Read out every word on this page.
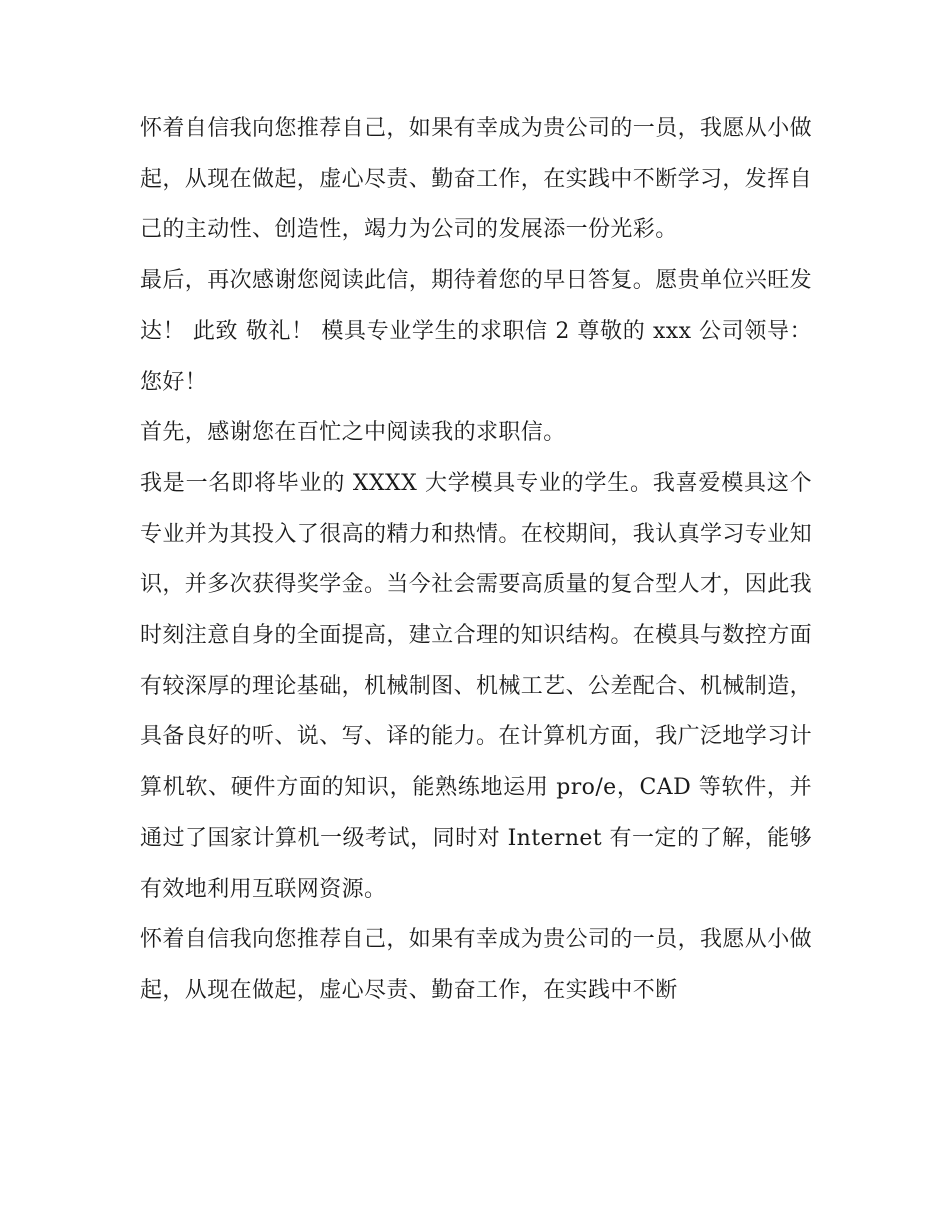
怀着自信我向您推荐自己，如果有幸成为贵公司的一员，我愿从小做起，从现在做起，虚心尽责、勤奋工作，在实践中不断学习，发挥自己的主动性、创造性，竭力为公司的发展添一份光彩。

最后，再次感谢您阅读此信，期待着您的早日答复。愿贵单位兴旺发达！ 此致 敬礼！ 模具专业学生的求职信 2 尊敬的 xxx 公司领导： 您好！

首先，感谢您在百忙之中阅读我的求职信。

我是一名即将毕业的 XXXX 大学模具专业的学生。我喜爱模具这个专业并为其投入了很高的精力和热情。在校期间，我认真学习专业知识，并多次获得奖学金。当今社会需要高质量的复合型人才，因此我时刻注意自身的全面提高，建立合理的知识结构。在模具与数控方面有较深厚的理论基础，机械制图、机械工艺、公差配合、机械制造，具备良好的听、说、写、译的能力。在计算机方面，我广泛地学习计算机软、硬件方面的知识，能熟练地运用 pro/e，CAD 等软件，并通过了国家计算机一级考试，同时对 Internet 有一定的了解，能够有效地利用互联网资源。

怀着自信我向您推荐自己，如果有幸成为贵公司的一员，我愿从小做起，从现在做起，虚心尽责、勤奋工作，在实践中不断
